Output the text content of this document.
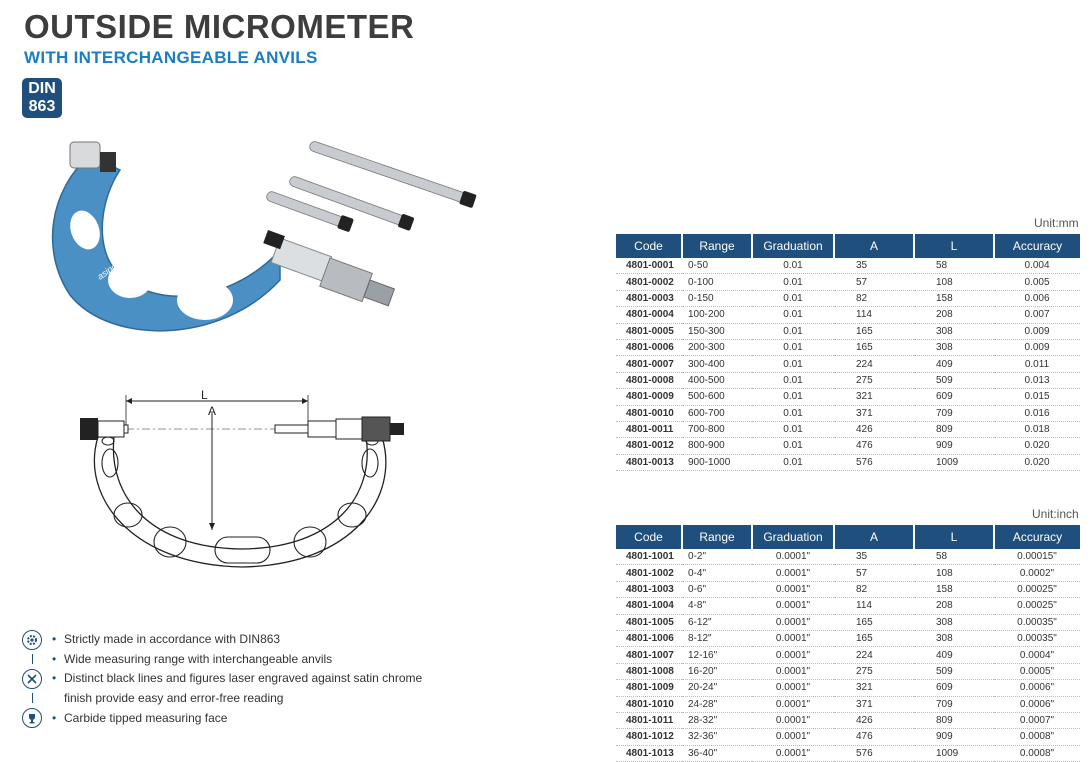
OUTSIDE MICROMETER
WITH INTERCHANGEABLE ANVILS
DIN
863
asipu
L
A
• Strictly made in accordance with DIN863
• Wide measuring range with interchangeable anvils
• Distinct black lines and figures laser engraved against satin chrome
finish provide easy and error-free reading
• Carbide tipped measuring face
Unit:mm
Code	Range	Graduation	A	L	Accuracy
4801-0001	0-50	0.01	35	58	0.004
4801-0002	0-100	0.01	57	108	0.005
4801-0003	0-150	0.01	82	158	0.006
4801-0004	100-200	0.01	114	208	0.007
4801-0005	150-300	0.01	165	308	0.009
4801-0006	200-300	0.01	165	308	0.009
4801-0007	300-400	0.01	224	409	0.011
4801-0008	400-500	0.01	275	509	0.013
4801-0009	500-600	0.01	321	609	0.015
4801-0010	600-700	0.01	371	709	0.016
4801-0011	700-800	0.01	426	809	0.018
4801-0012	800-900	0.01	476	909	0.020
4801-0013	900-1000	0.01	576	1009	0.020
Unit:inch
Code	Range	Graduation	A	L	Accuracy
4801-1001	0-2"	0.0001"	35	58	0.00015"
4801-1002	0-4"	0.0001"	57	108	0.0002"
4801-1003	0-6"	0.0001"	82	158	0.00025"
4801-1004	4-8"	0.0001"	114	208	0.00025"
4801-1005	6-12"	0.0001"	165	308	0.00035"
4801-1006	8-12"	0.0001"	165	308	0.00035"
4801-1007	12-16"	0.0001"	224	409	0.0004"
4801-1008	16-20"	0.0001"	275	509	0.0005"
4801-1009	20-24"	0.0001"	321	609	0.0006"
4801-1010	24-28"	0.0001"	371	709	0.0006"
4801-1011	28-32"	0.0001"	426	809	0.0007"
4801-1012	32-36"	0.0001"	476	909	0.0008"
4801-1013	36-40"	0.0001"	576	1009	0.0008"
